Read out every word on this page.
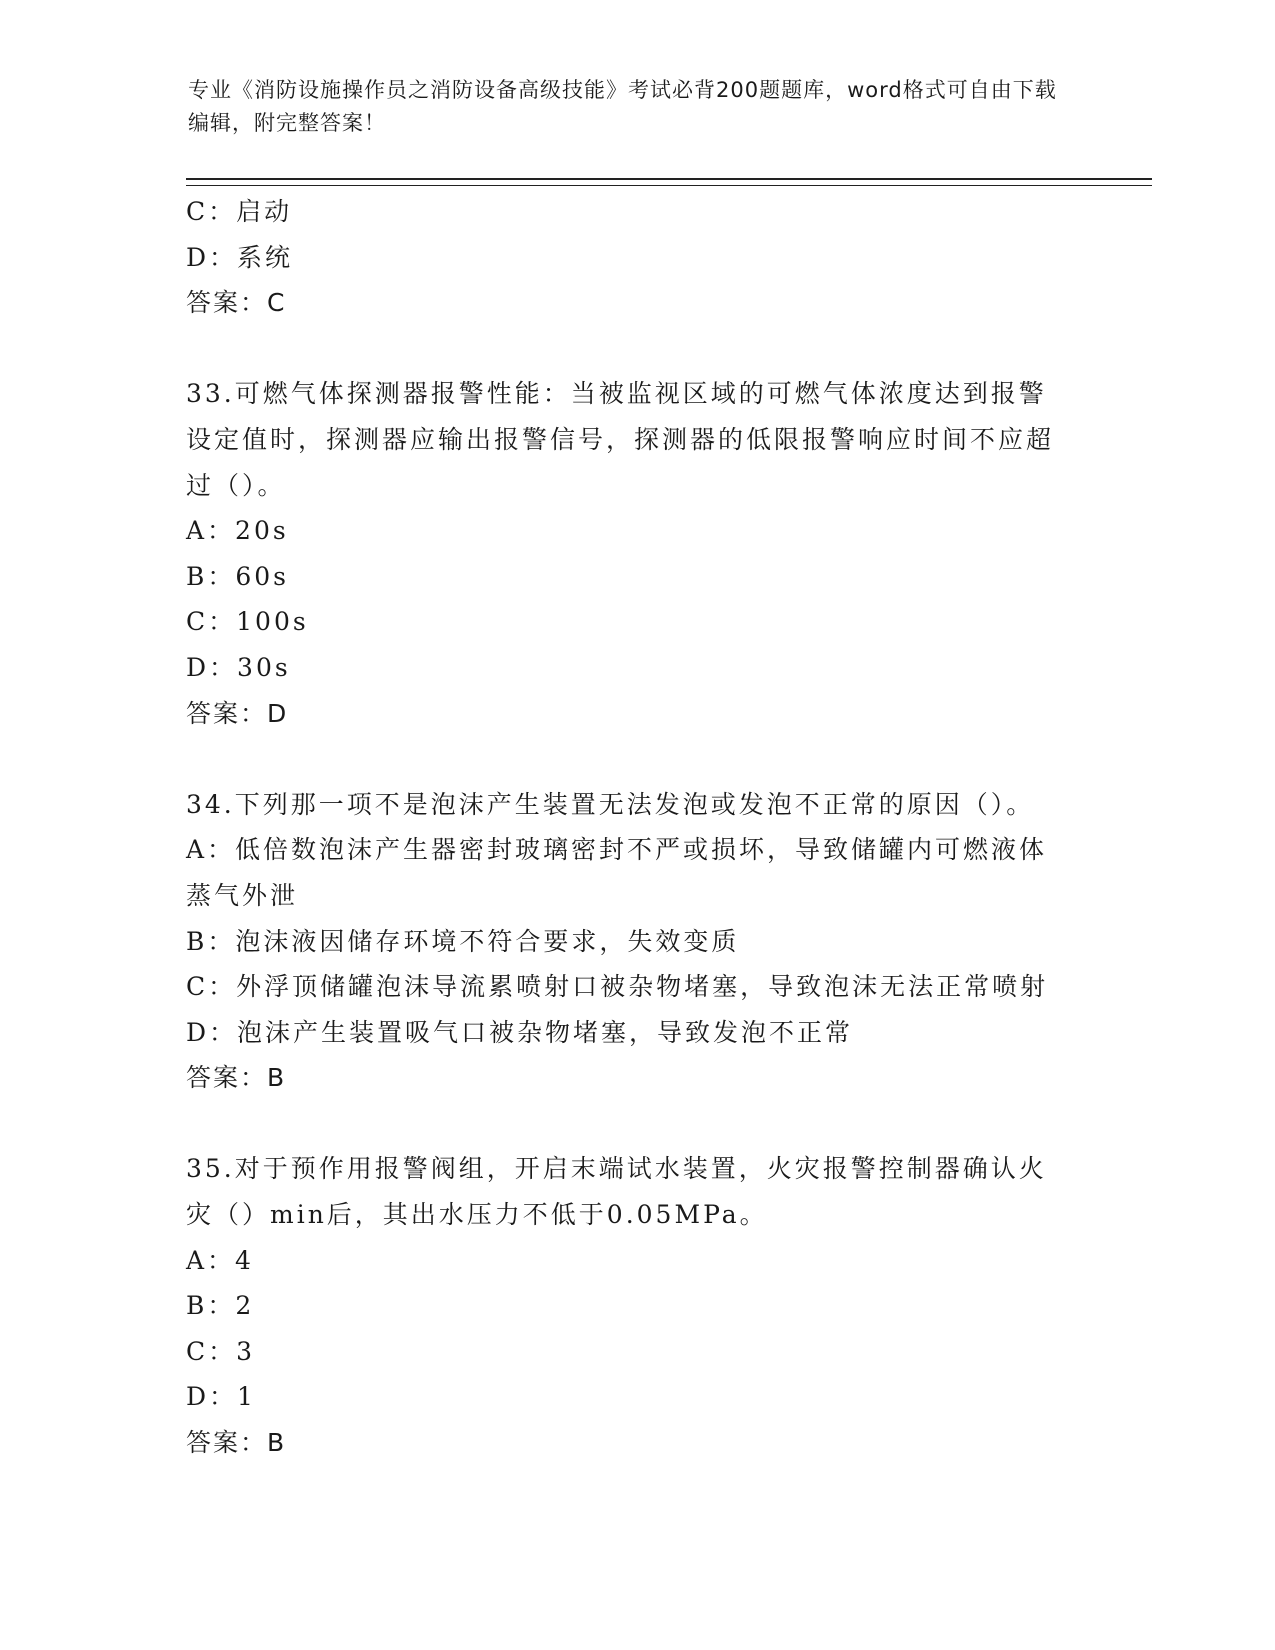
专业《消防设施操作员之消防设备高级技能》考试必背200题题库，word格式可自由下载编辑，附完整答案！
C：启动
D：系统
答案：C
33.可燃气体探测器报警性能：当被监视区域的可燃气体浓度达到报警设定值时，探测器应输出报警信号，探测器的低限报警响应时间不应超过（）。
A：20s
B：60s
C：100s
D：30s
答案：D
34.下列那一项不是泡沫产生装置无法发泡或发泡不正常的原因（）。
A：低倍数泡沫产生器密封玻璃密封不严或损坏，导致储罐内可燃液体蒸气外泄
B：泡沫液因储存环境不符合要求，失效变质
C：外浮顶储罐泡沫导流累喷射口被杂物堵塞，导致泡沫无法正常喷射
D：泡沫产生装置吸气口被杂物堵塞，导致发泡不正常
答案：B
35.对于预作用报警阀组，开启末端试水装置，火灾报警控制器确认火灾（）min后，其出水压力不低于0.05MPa。
A：4
B：2
C：3
D：1
答案：B
